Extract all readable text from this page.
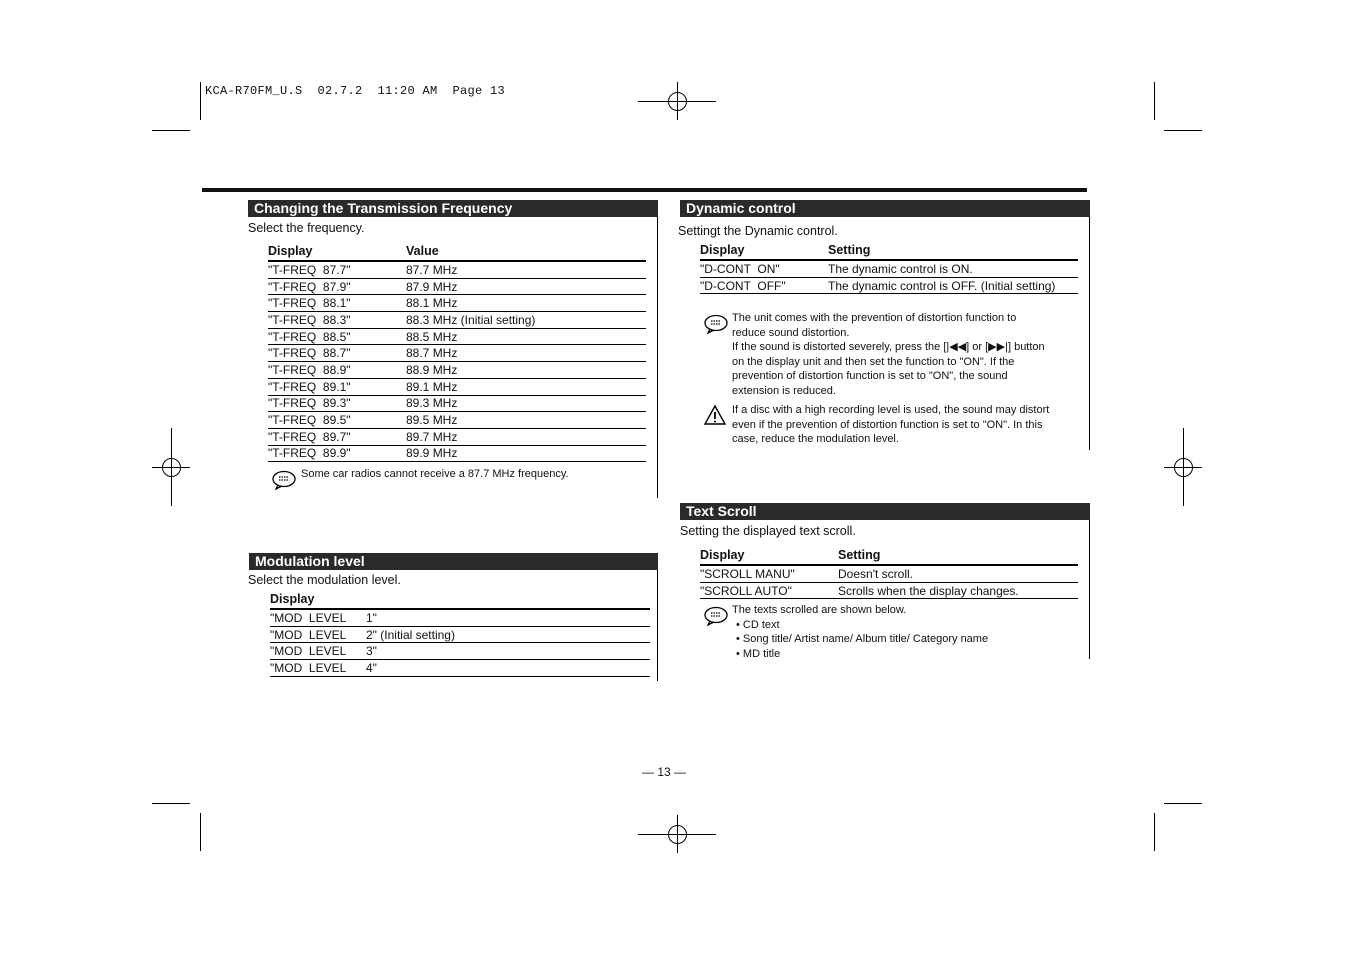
KCA-R70FM_U.S  02.7.2  11:20 AM  Page 13
Changing the Transmission Frequency
Select the frequency.
Display	Value
"T-FREQ  87.7"	87.7 MHz
"T-FREQ  87.9"	87.9 MHz
"T-FREQ  88.1"	88.1 MHz
"T-FREQ  88.3"	88.3 MHz (Initial setting)
"T-FREQ  88.5"	88.5 MHz
"T-FREQ  88.7"	88.7 MHz
"T-FREQ  88.9"	88.9 MHz
"T-FREQ  89.1"	89.1 MHz
"T-FREQ  89.3"	89.3 MHz
"T-FREQ  89.5"	89.5 MHz
"T-FREQ  89.7"	89.7 MHz
"T-FREQ  89.9"	89.9 MHz
Some car radios cannot receive a 87.7 MHz frequency.
Modulation level
Select the modulation level.
Display	
"MOD  LEVEL	1"
"MOD  LEVEL	2" (Initial setting)
"MOD  LEVEL	3"
"MOD  LEVEL	4"
Dynamic control
Settingt the Dynamic control.
Display	Setting
"D-CONT  ON"	The dynamic control is ON.
"D-CONT  OFF"	The dynamic control is OFF. (Initial setting)
The unit comes with the prevention of distortion function to
reduce sound distortion.
If the sound is distorted severely, press the [|◀◀] or [▶▶|] button
on the display unit and then set the function to "ON". If the
prevention of distortion function is set to "ON", the sound
extension is reduced.
If a disc with a high recording level is used, the sound may distort
even if the prevention of distortion function is set to "ON". In this
case, reduce the modulation level.
Text Scroll
Setting the displayed text scroll.
Display	Setting
"SCROLL MANU"	Doesn't scroll.
"SCROLL AUTO"	Scrolls when the display changes.
The texts scrolled are shown below.
• CD text
• Song title/ Artist name/ Album title/ Category name
• MD title
— 13 —
